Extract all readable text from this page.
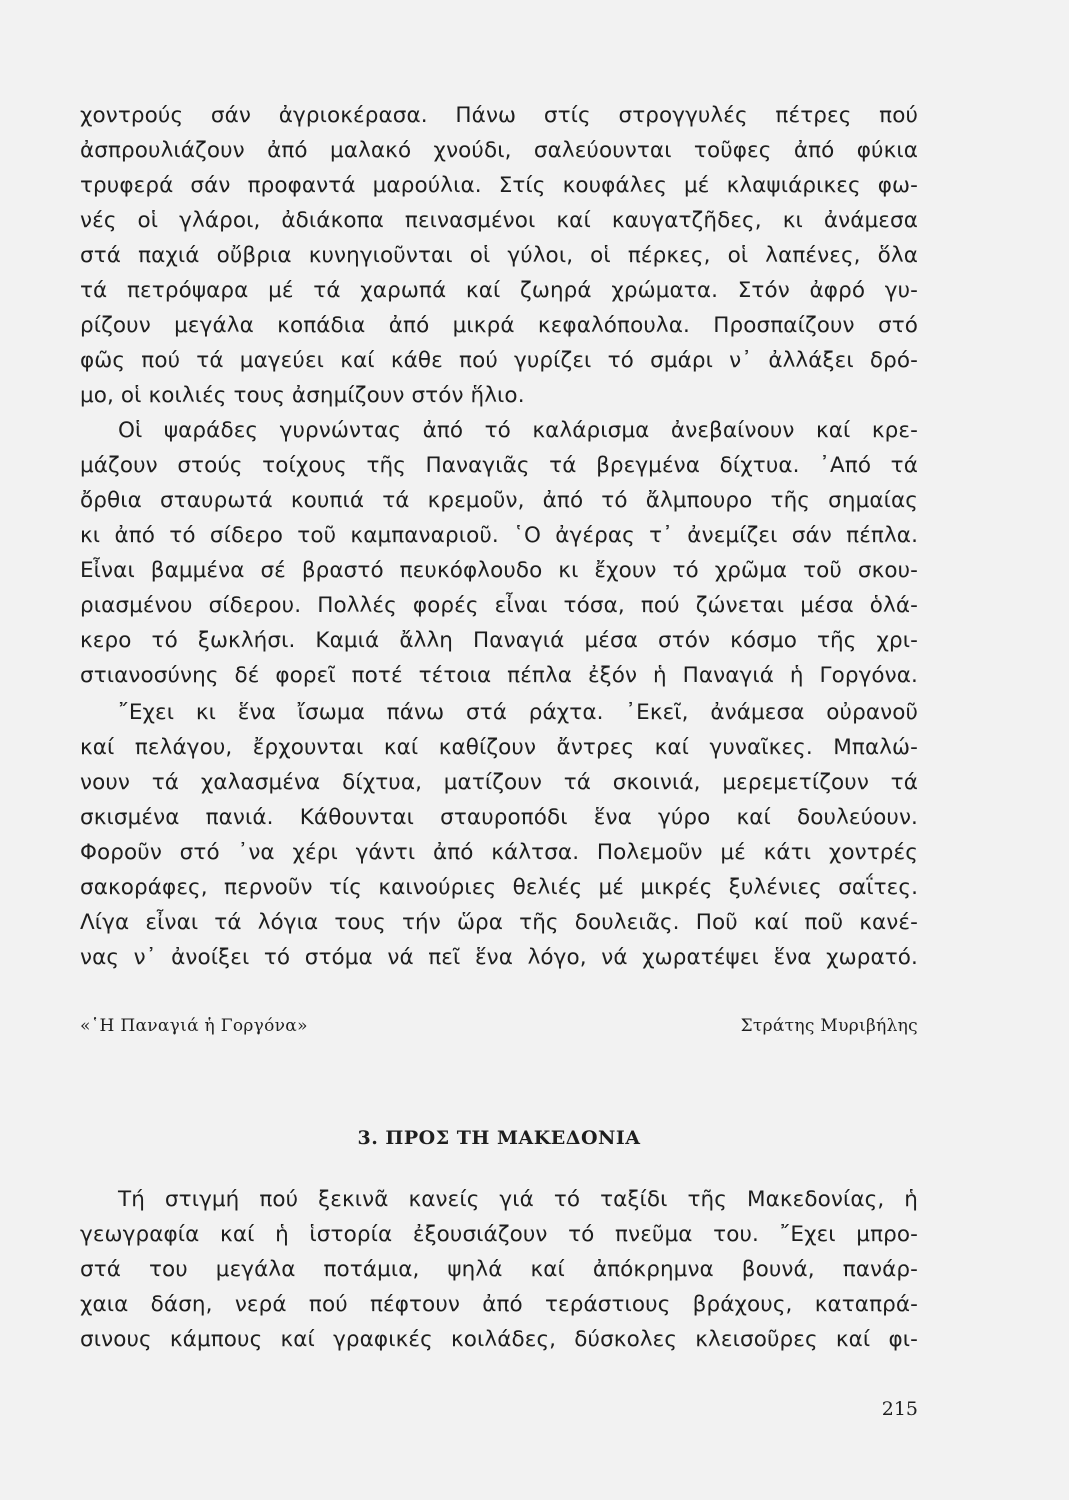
χοντρούς σάν ἀγριοκέρασα. Πάνω στίς στρογγυλές πέτρες πού
ἀσπρουλιάζουν ἀπό μαλακό χνούδι, σαλεύουνται τοῦφες ἀπό φύκια
τρυφερά σάν προφαντά μαρούλια. Στίς κουφάλες μέ κλαψιάρικες φω-
νές οἱ γλάροι, ἀδιάκοπα πεινασμένοι καί καυγατζῆδες, κι ἀνάμεσα
στά παχιά οὔβρια κυνηγιοῦνται οἱ γύλοι, οἱ πέρκες, οἱ λαπένες, ὅλα
τά πετρόψαρα μέ τά χαρωπά καί ζωηρά χρώματα. Στόν ἀφρό γυ-
ρίζουν μεγάλα κοπάδια ἀπό μικρά κεφαλόπουλα. Προσπαίζουν στό
φῶς πού τά μαγεύει καί κάθε πού γυρίζει τό σμάρι ν᾿ ἀλλάξει δρό-
μο, οἱ κοιλιές τους ἀσημίζουν στόν ἥλιο.
Οἱ ψαράδες γυρνώντας ἀπό τό καλάρισμα ἀνεβαίνουν καί κρε-
μάζουν στούς τοίχους τῆς Παναγιᾶς τά βρεγμένα δίχτυα. ᾿Από τά
ὄρθια σταυρωτά κουπιά τά κρεμοῦν, ἀπό τό ἄλμπουρο τῆς σημαίας
κι ἀπό τό σίδερο τοῦ καμπαναριοῦ. ῾Ο ἀγέρας τ᾿ ἀνεμίζει σάν πέπλα.
Εἶναι βαμμένα σέ βραστό πευκόφλουδο κι ἔχουν τό χρῶμα τοῦ σκου-
ριασμένου σίδερου. Πολλές φορές εἶναι τόσα, πού ζώνεται μέσα ὁλά-
κερο τό ξωκλήσι. Καμιά ἄλλη Παναγιά μέσα στόν κόσμο τῆς χρι-
στιανοσύνης δέ φορεῖ ποτέ τέτοια πέπλα ἐξόν ἡ Παναγιά ἡ Γοργόνα.
῎Εχει κι ἕνα ἴσωμα πάνω στά ράχτα. ᾿Εκεῖ, ἀνάμεσα οὐρανοῦ
καί πελάγου, ἔρχουνται καί καθίζουν ἄντρες καί γυναῖκες. Μπαλώ-
νουν τά χαλασμένα δίχτυα, ματίζουν τά σκοινιά, μερεμετίζουν τά
σκισμένα πανιά. Κάθουνται σταυροπόδι ἕνα γύρο καί δουλεύουν.
Φοροῦν στό ᾿να χέρι γάντι ἀπό κάλτσα. Πολεμοῦν μέ κάτι χοντρές
σακοράφες, περνοῦν τίς καινούριες θελιές μέ μικρές ξυλένιες σαΐτες.
Λίγα εἶναι τά λόγια τους τήν ὥρα τῆς δουλειᾶς. Ποῦ καί ποῦ κανέ-
νας ν᾿ ἀνοίξει τό στόμα νά πεῖ ἕνα λόγο, νά χωρατέψει ἕνα χωρατό.
«῾Η Παναγιά ἡ Γοργόνα»	Στράτης Μυριβήλης
3. ΠΡΟΣ ΤΗ ΜΑΚΕΔΟΝΙΑ
Τή στιγμή πού ξεκινᾶ κανείς γιά τό ταξίδι τῆς Μακεδονίας, ἡ
γεωγραφία καί ἡ ἱστορία ἐξουσιάζουν τό πνεῦμα του. ῎Εχει μπρο-
στά του μεγάλα ποτάμια, ψηλά καί ἀπόκρημνα βουνά, πανάρ-
χαια δάση, νερά πού πέφτουν ἀπό τεράστιους βράχους, καταπρά-
σινους κάμπους καί γραφικές κοιλάδες, δύσκολες κλεισοῦρες καί φι-
215
